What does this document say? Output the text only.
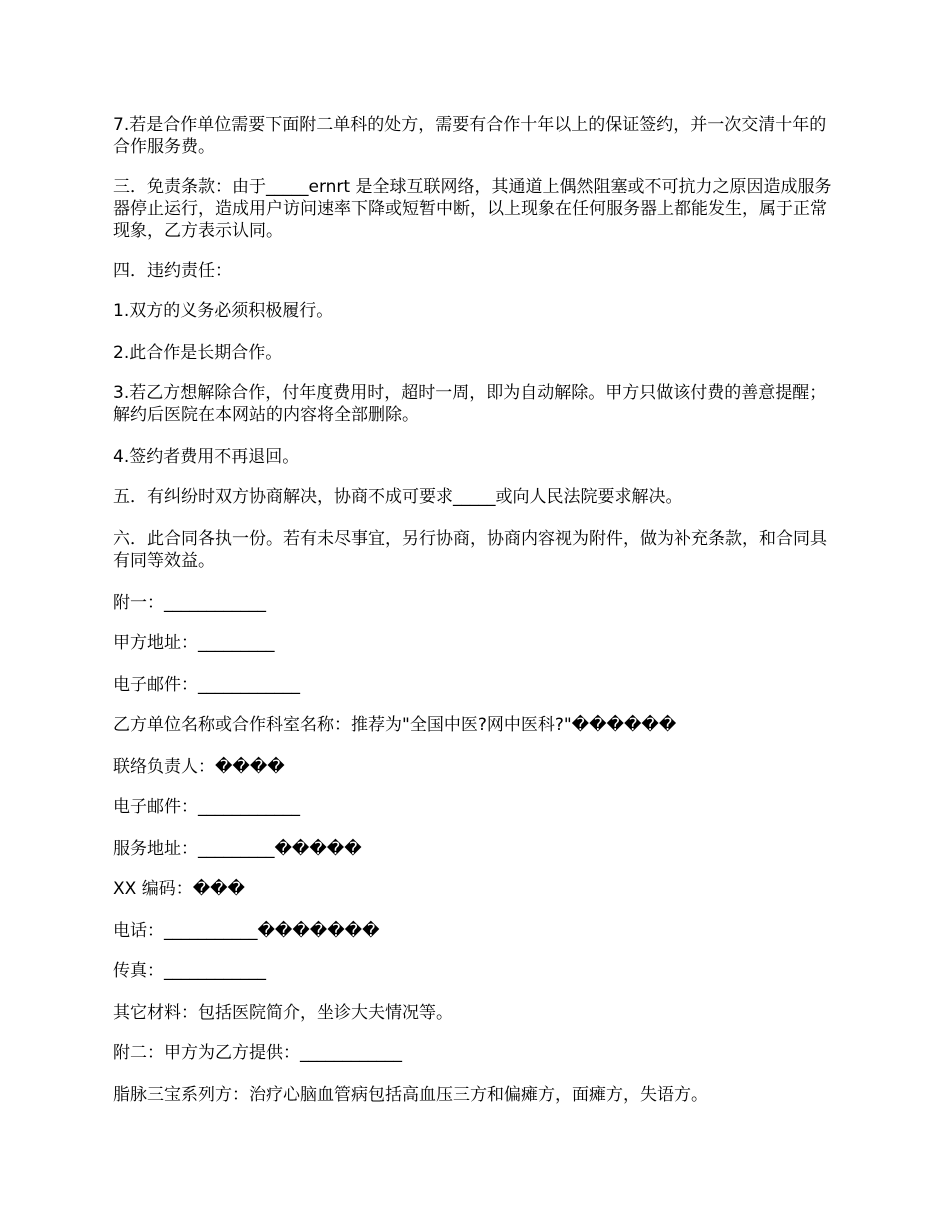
7.若是合作单位需要下面附二单科的处方，需要有合作十年以上的保证签约，并一次交清十年的合作服务费。
三．免责条款：由于_____ernrt 是全球互联网络，其通道上偶然阻塞或不可抗力之原因造成服务器停止运行，造成用户访问速率下降或短暂中断，以上现象在任何服务器上都能发生，属于正常现象，乙方表示认同。
四．违约责任：
1.双方的义务必须积极履行。
2.此合作是长期合作。
3.若乙方想解除合作，付年度费用时，超时一周，即为自动解除。甲方只做该付费的善意提醒；解约后医院在本网站的内容将全部删除。
4.签约者费用不再退回。
五．有纠纷时双方协商解决，协商不成可要求_____或向人民法院要求解决。
六．此合同各执一份。若有未尽事宜，另行协商，协商内容视为附件，做为补充条款，和合同具有同等效益。
附一：____________
甲方地址：_________
电子邮件：____________
乙方单位名称或合作科室名称：推荐为"全国中医?网中医科?"������
联络负责人：����
电子邮件：____________
服务地址：_________�����
XX 编码：���
电话：___________�������
传真：____________
其它材料：包括医院简介，坐诊大夫情况等。
附二：甲方为乙方提供：____________
脂脉三宝系列方：治疗心脑血管病包括高血压三方和偏瘫方，面瘫方，失语方。
